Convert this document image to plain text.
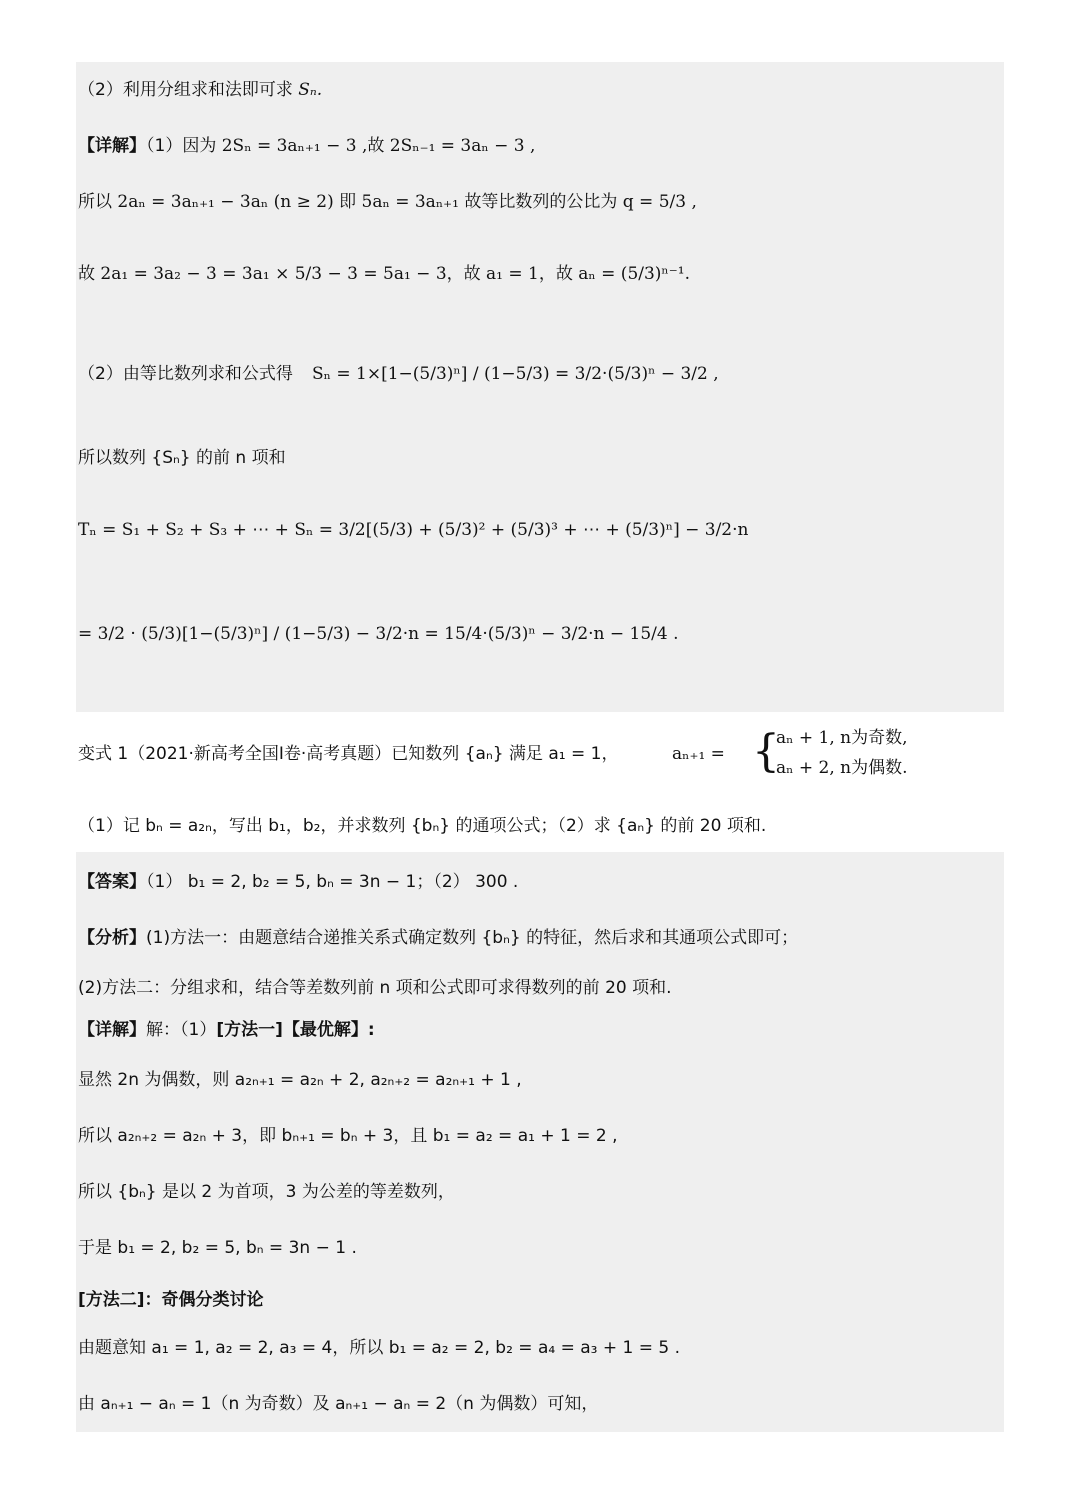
（2）利用分组求和法即可求 Sₙ.
【详解】（1）因为 2Sₙ = 3aₙ₊₁ − 3 ,故 2Sₙ₋₁ = 3aₙ − 3 ,
所以 2aₙ = 3aₙ₊₁ − 3aₙ (n ≥ 2) 即 5aₙ = 3aₙ₊₁ 故等比数列的公比为 q = 5/3 ,
故 2a₁ = 3a₂ − 3 = 3a₁ × 5/3 − 3 = 5a₁ − 3，故 a₁ = 1，故 aₙ = (5/3)ⁿ⁻¹.
（2）由等比数列求和公式得 Sₙ = 1×[1−(5/3)ⁿ] / (1−5/3) = 3/2·(5/3)ⁿ − 3/2 ,
所以数列 {Sₙ} 的前 n 项和
Tₙ = S₁ + S₂ + S₃ + ⋯ + Sₙ = 3/2[(5/3) + (5/3)² + (5/3)³ + ⋯ + (5/3)ⁿ] − 3/2·n
= 3/2 · (5/3)[1−(5/3)ⁿ] / (1−5/3) − 3/2·n = 15/4·(5/3)ⁿ − 3/2·n − 15/4 .
变式 1（2021·新高考全国Ⅰ卷·高考真题）已知数列 {aₙ} 满足 a₁ = 1，	aₙ₊₁ = {
aₙ + 1, n为奇数,
aₙ + 2, n为偶数.
（1）记 bₙ = a₂ₙ，写出 b₁，b₂，并求数列 {bₙ} 的通项公式；（2）求 {aₙ} 的前 20 项和.
【答案】（1） b₁ = 2, b₂ = 5, bₙ = 3n − 1；（2） 300 .
【分析】(1)方法一：由题意结合递推关系式确定数列 {bₙ} 的特征，然后求和其通项公式即可；
(2)方法二：分组求和，结合等差数列前 n 项和公式即可求得数列的前 20 项和.
【详解】解：（1）[方法一]【最优解】:
显然 2n 为偶数，则 a₂ₙ₊₁ = a₂ₙ + 2, a₂ₙ₊₂ = a₂ₙ₊₁ + 1 ,
所以 a₂ₙ₊₂ = a₂ₙ + 3，即 bₙ₊₁ = bₙ + 3，且 b₁ = a₂ = a₁ + 1 = 2 ,
所以 {bₙ} 是以 2 为首项，3 为公差的等差数列，
于是 b₁ = 2, b₂ = 5, bₙ = 3n − 1 .
[方法二]：奇偶分类讨论
由题意知 a₁ = 1, a₂ = 2, a₃ = 4，所以 b₁ = a₂ = 2, b₂ = a₄ = a₃ + 1 = 5 .
由 aₙ₊₁ − aₙ = 1（n 为奇数）及 aₙ₊₁ − aₙ = 2（n 为偶数）可知，
